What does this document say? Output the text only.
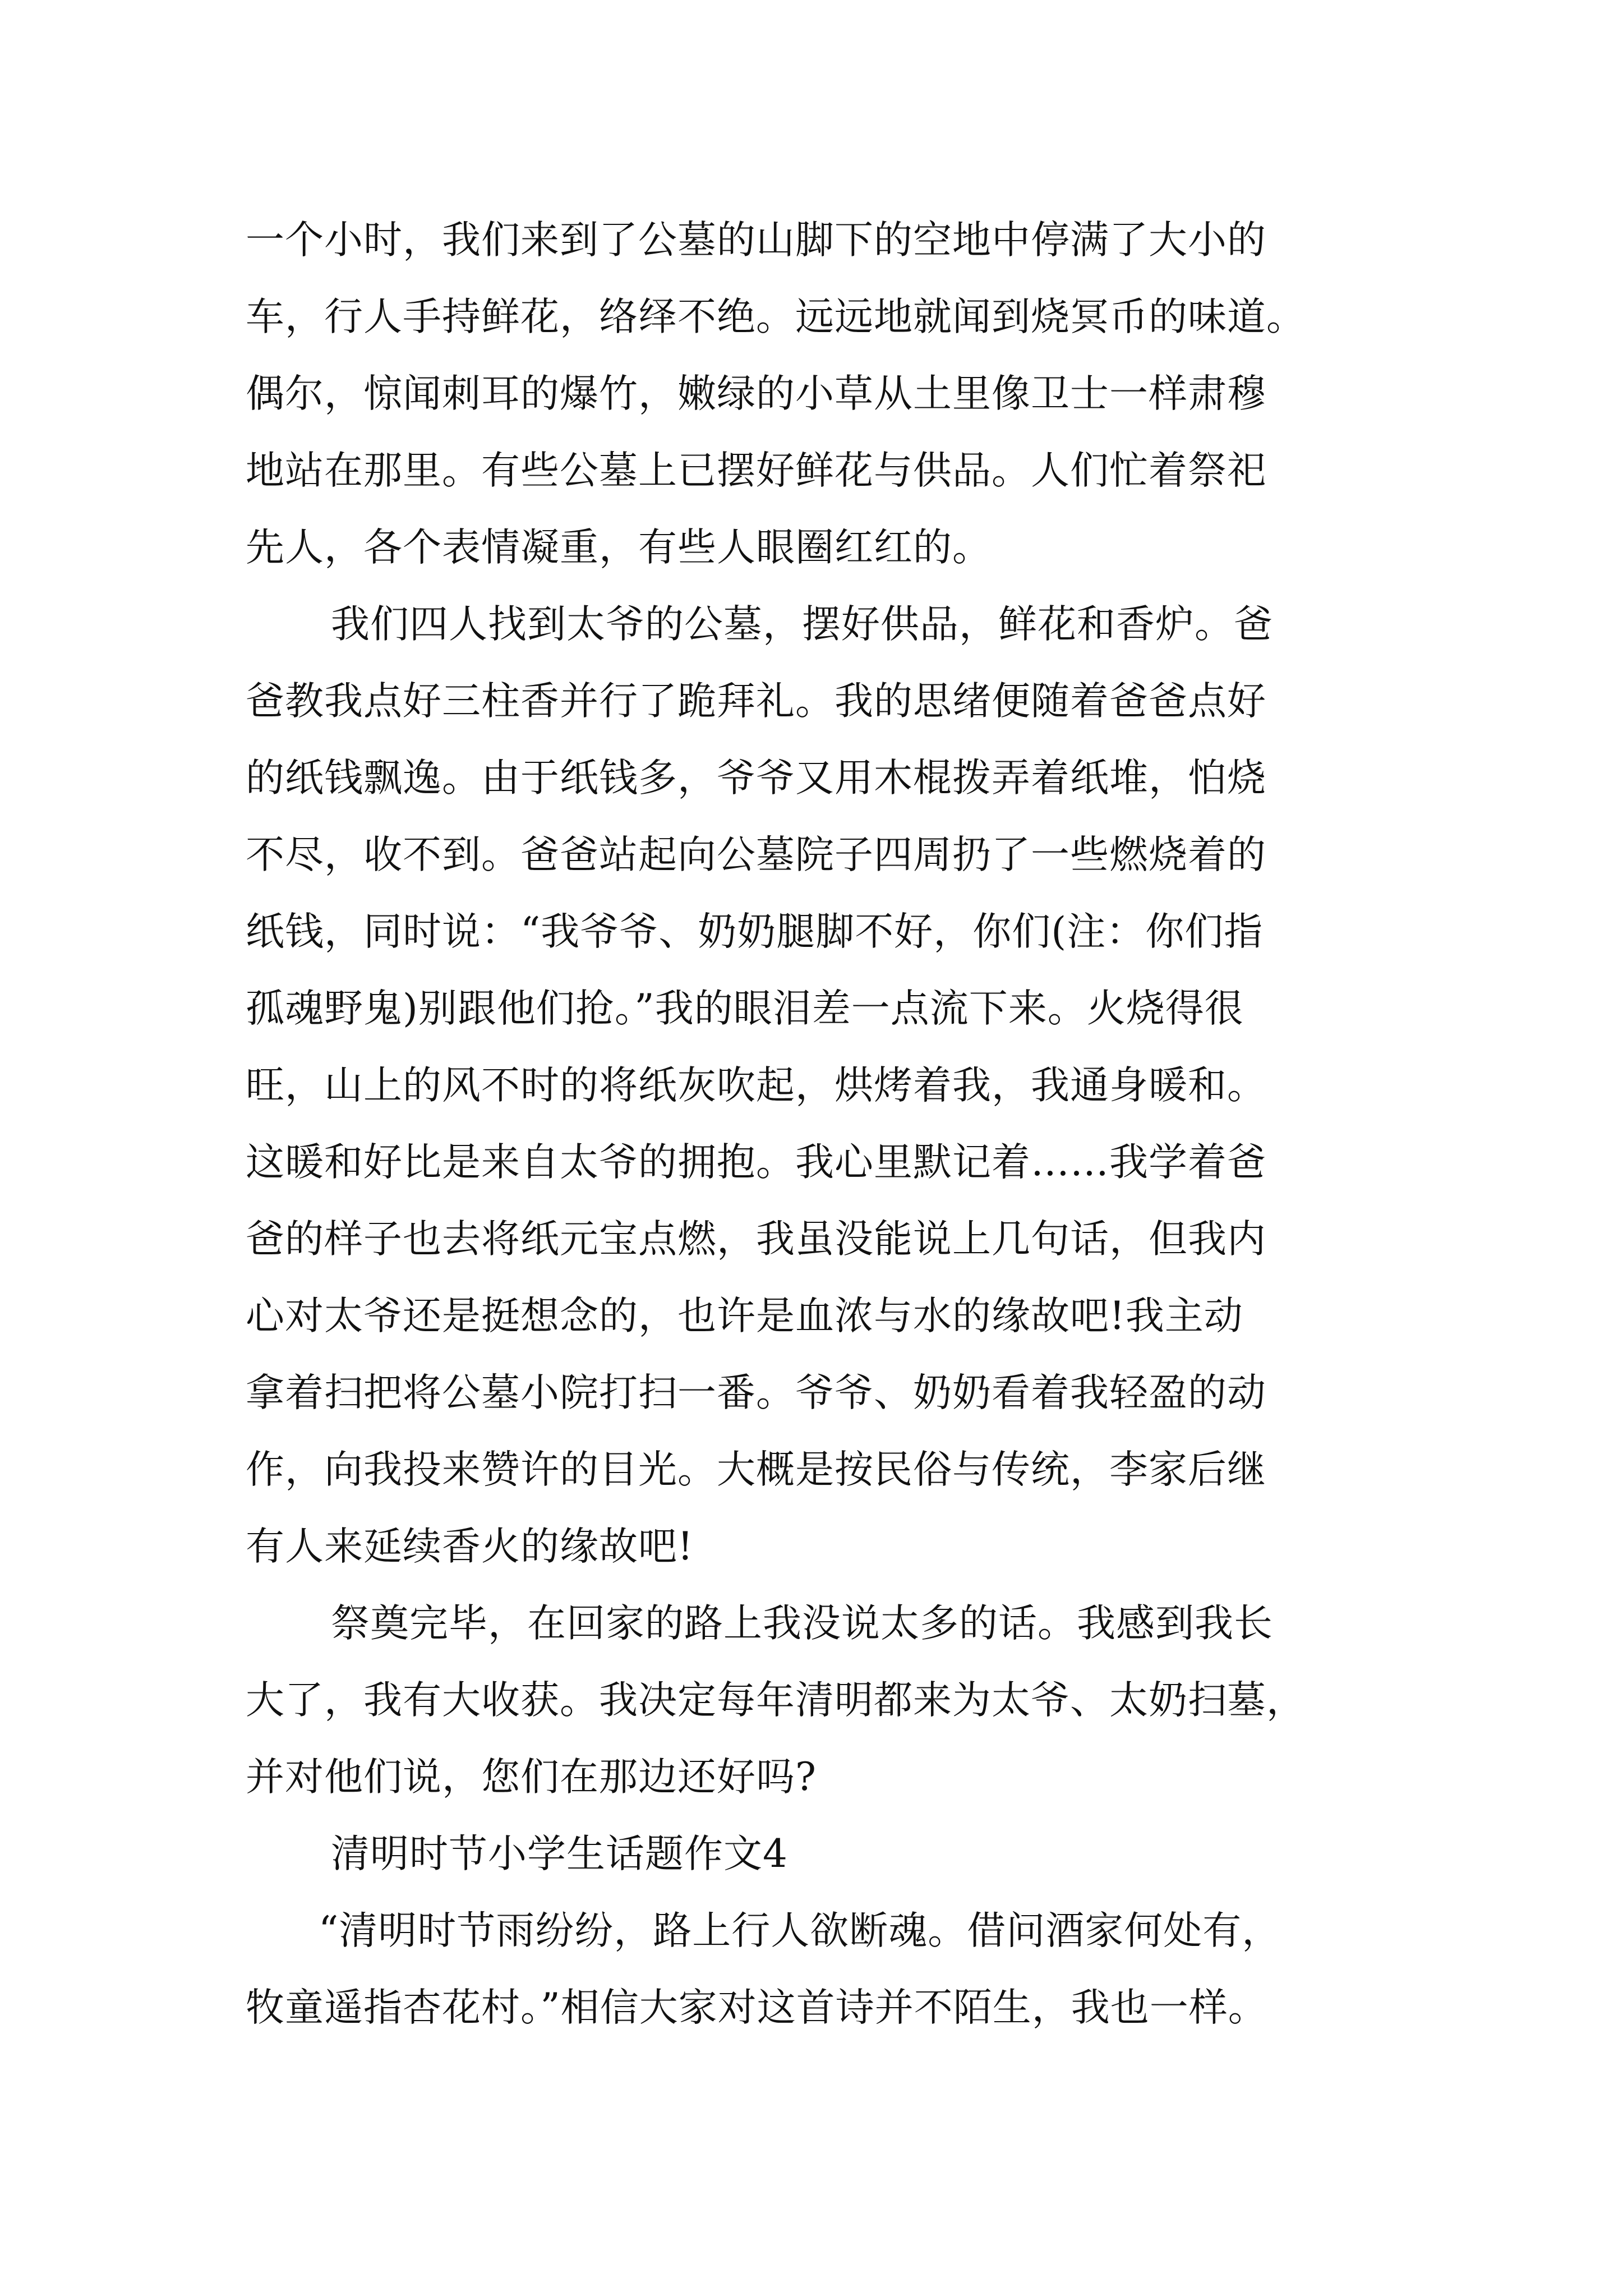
一个小时，我们来到了公墓的山脚下的空地中停满了大小的
车，行人手持鲜花，络绎不绝。远远地就闻到烧冥币的味道。
偶尔，惊闻刺耳的爆竹，嫩绿的小草从土里像卫士一样肃穆
地站在那里。有些公墓上已摆好鲜花与供品。人们忙着祭祀
先人，各个表情凝重，有些人眼圈红红的。
我们四人找到太爷的公墓，摆好供品，鲜花和香炉。爸
爸教我点好三柱香并行了跪拜礼。我的思绪便随着爸爸点好
的纸钱飘逸。由于纸钱多，爷爷又用木棍拨弄着纸堆，怕烧
不尽，收不到。爸爸站起向公墓院子四周扔了一些燃烧着的
纸钱，同时说：“我爷爷、奶奶腿脚不好，你们(注：你们指
孤魂野鬼)别跟他们抢。”我的眼泪差一点流下来。火烧得很
旺，山上的风不时的将纸灰吹起，烘烤着我，我通身暖和。
这暖和好比是来自太爷的拥抱。我心里默记着……我学着爸
爸的样子也去将纸元宝点燃，我虽没能说上几句话，但我内
心对太爷还是挺想念的，也许是血浓与水的缘故吧!我主动
拿着扫把将公墓小院打扫一番。爷爷、奶奶看着我轻盈的动
作，向我投来赞许的目光。大概是按民俗与传统，李家后继
有人来延续香火的缘故吧!
祭奠完毕，在回家的路上我没说太多的话。我感到我长
大了，我有大收获。我决定每年清明都来为太爷、太奶扫墓，
并对他们说，您们在那边还好吗?
清明时节小学生话题作文4
“清明时节雨纷纷，路上行人欲断魂。借问酒家何处有，
牧童遥指杏花村。”相信大家对这首诗并不陌生，我也一样。
